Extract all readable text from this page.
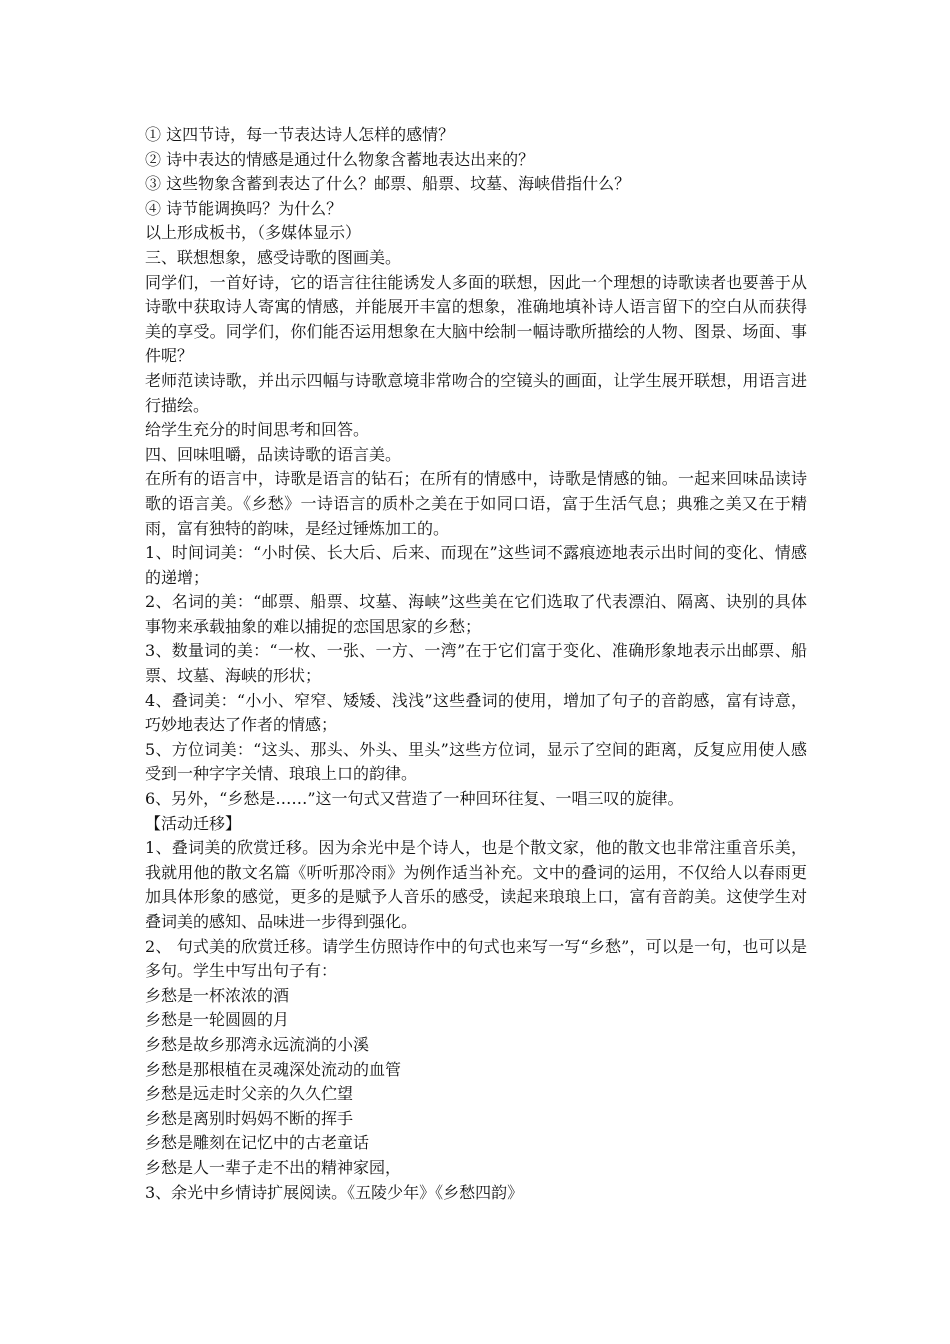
① 这四节诗，每一节表达诗人怎样的感情？

② 诗中表达的情感是通过什么物象含蓄地表达出来的？

③ 这些物象含蓄到表达了什么？邮票、船票、坟墓、海峡借指什么？

④ 诗节能调换吗？为什么？

以上形成板书，（多媒体显示）

三、联想想象，感受诗歌的图画美。

同学们，一首好诗，它的语言往往能诱发人多面的联想，因此一个理想的诗歌读者也要善于从诗歌中获取诗人寄寓的情感，并能展开丰富的想象，准确地填补诗人语言留下的空白从而获得美的享受。同学们，你们能否运用想象在大脑中绘制一幅诗歌所描绘的人物、图景、场面、事件呢？

老师范读诗歌，并出示四幅与诗歌意境非常吻合的空镜头的画面，让学生展开联想，用语言进行描绘。

给学生充分的时间思考和回答。

四、回味咀嚼，品读诗歌的语言美。

在所有的语言中，诗歌是语言的钻石；在所有的情感中，诗歌是情感的铀。一起来回味品读诗歌的语言美。《乡愁》一诗语言的质朴之美在于如同口语，富于生活气息；典雅之美又在于精雨，富有独特的韵味，是经过锤炼加工的。

1、时间词美：“小时侯、长大后、后来、而现在”这些词不露痕迹地表示出时间的变化、情感的递增；

2、名词的美：“邮票、船票、坟墓、海峡”这些美在它们选取了代表漂泊、隔离、诀别的具体事物来承载抽象的难以捕捉的恋国思家的乡愁；

3、数量词的美：“一枚、一张、一方、一湾”在于它们富于变化、准确形象地表示出邮票、船票、坟墓、海峡的形状；

4、叠词美：“小小、窄窄、矮矮、浅浅”这些叠词的使用，增加了句子的音韵感，富有诗意，巧妙地表达了作者的情感；

5、方位词美：“这头、那头、外头、里头”这些方位词，显示了空间的距离，反复应用使人感受到一种字字关情、琅琅上口的韵律。

6、另外，“乡愁是……”这一句式又营造了一种回环往复、一唱三叹的旋律。

【活动迁移】

1、叠词美的欣赏迁移。因为余光中是个诗人，也是个散文家，他的散文也非常注重音乐美，我就用他的散文名篇《听听那冷雨》为例作适当补充。文中的叠词的运用，不仅给人以春雨更加具体形象的感觉，更多的是赋予人音乐的感受，读起来琅琅上口，富有音韵美。这使学生对叠词美的感知、品味进一步得到强化。

2、 句式美的欣赏迁移。请学生仿照诗作中的句式也来写一写“乡愁”，可以是一句，也可以是多句。学生中写出句子有：

乡愁是一杯浓浓的酒

乡愁是一轮圆圆的月

乡愁是故乡那湾永远流淌的小溪

乡愁是那根植在灵魂深处流动的血管

乡愁是远走时父亲的久久伫望

乡愁是离别时妈妈不断的挥手

乡愁是雕刻在记忆中的古老童话

乡愁是人一辈子走不出的精神家园，

3、余光中乡情诗扩展阅读。《五陵少年》《乡愁四韵》
